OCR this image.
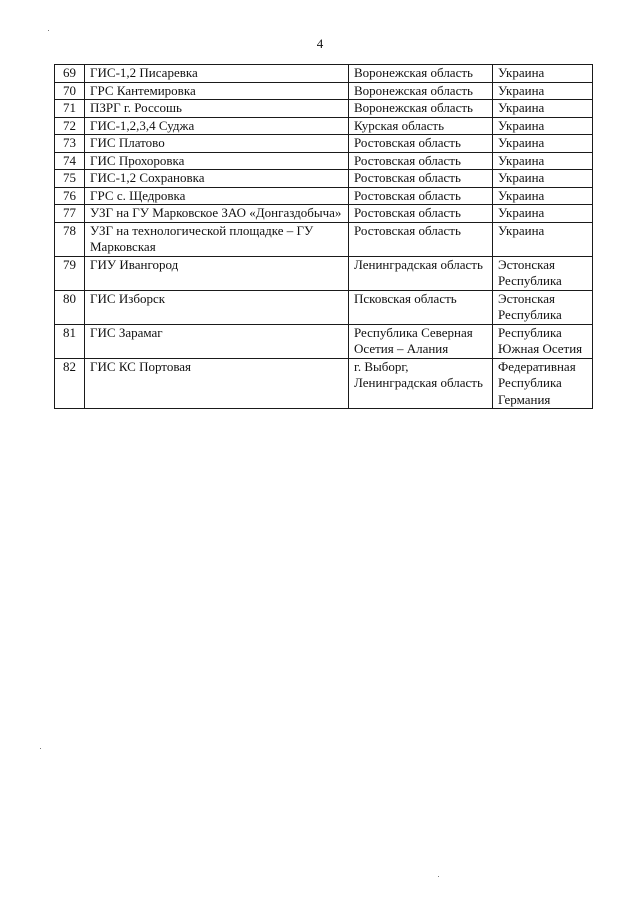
4
69	ГИС-1,2 Писаревка	Воронежская область	Украина
70	ГРС Кантемировка	Воронежская область	Украина
71	ПЗРГ г. Россошь	Воронежская область	Украина
72	ГИС-1,2,3,4 Суджа	Курская область	Украина
73	ГИС Платово	Ростовская область	Украина
74	ГИС Прохоровка	Ростовская область	Украина
75	ГИС-1,2 Сохрановка	Ростовская область	Украина
76	ГРС с. Щедровка	Ростовская область	Украина
77	УЗГ на ГУ Марковское ЗАО «Донгаздобыча»	Ростовская область	Украина
78	УЗГ на технологической площадке – ГУ Марковская	Ростовская область	Украина
79	ГИУ Ивангород	Ленинградская область	Эстонская Республика
80	ГИС Изборск	Псковская область	Эстонская Республика
81	ГИС Зарамаг	Республика Северная Осетия – Алания	Республика Южная Осетия
82	ГИС КС Портовая	г. Выборг, Ленинградская область	Федеративная Республика Германия
